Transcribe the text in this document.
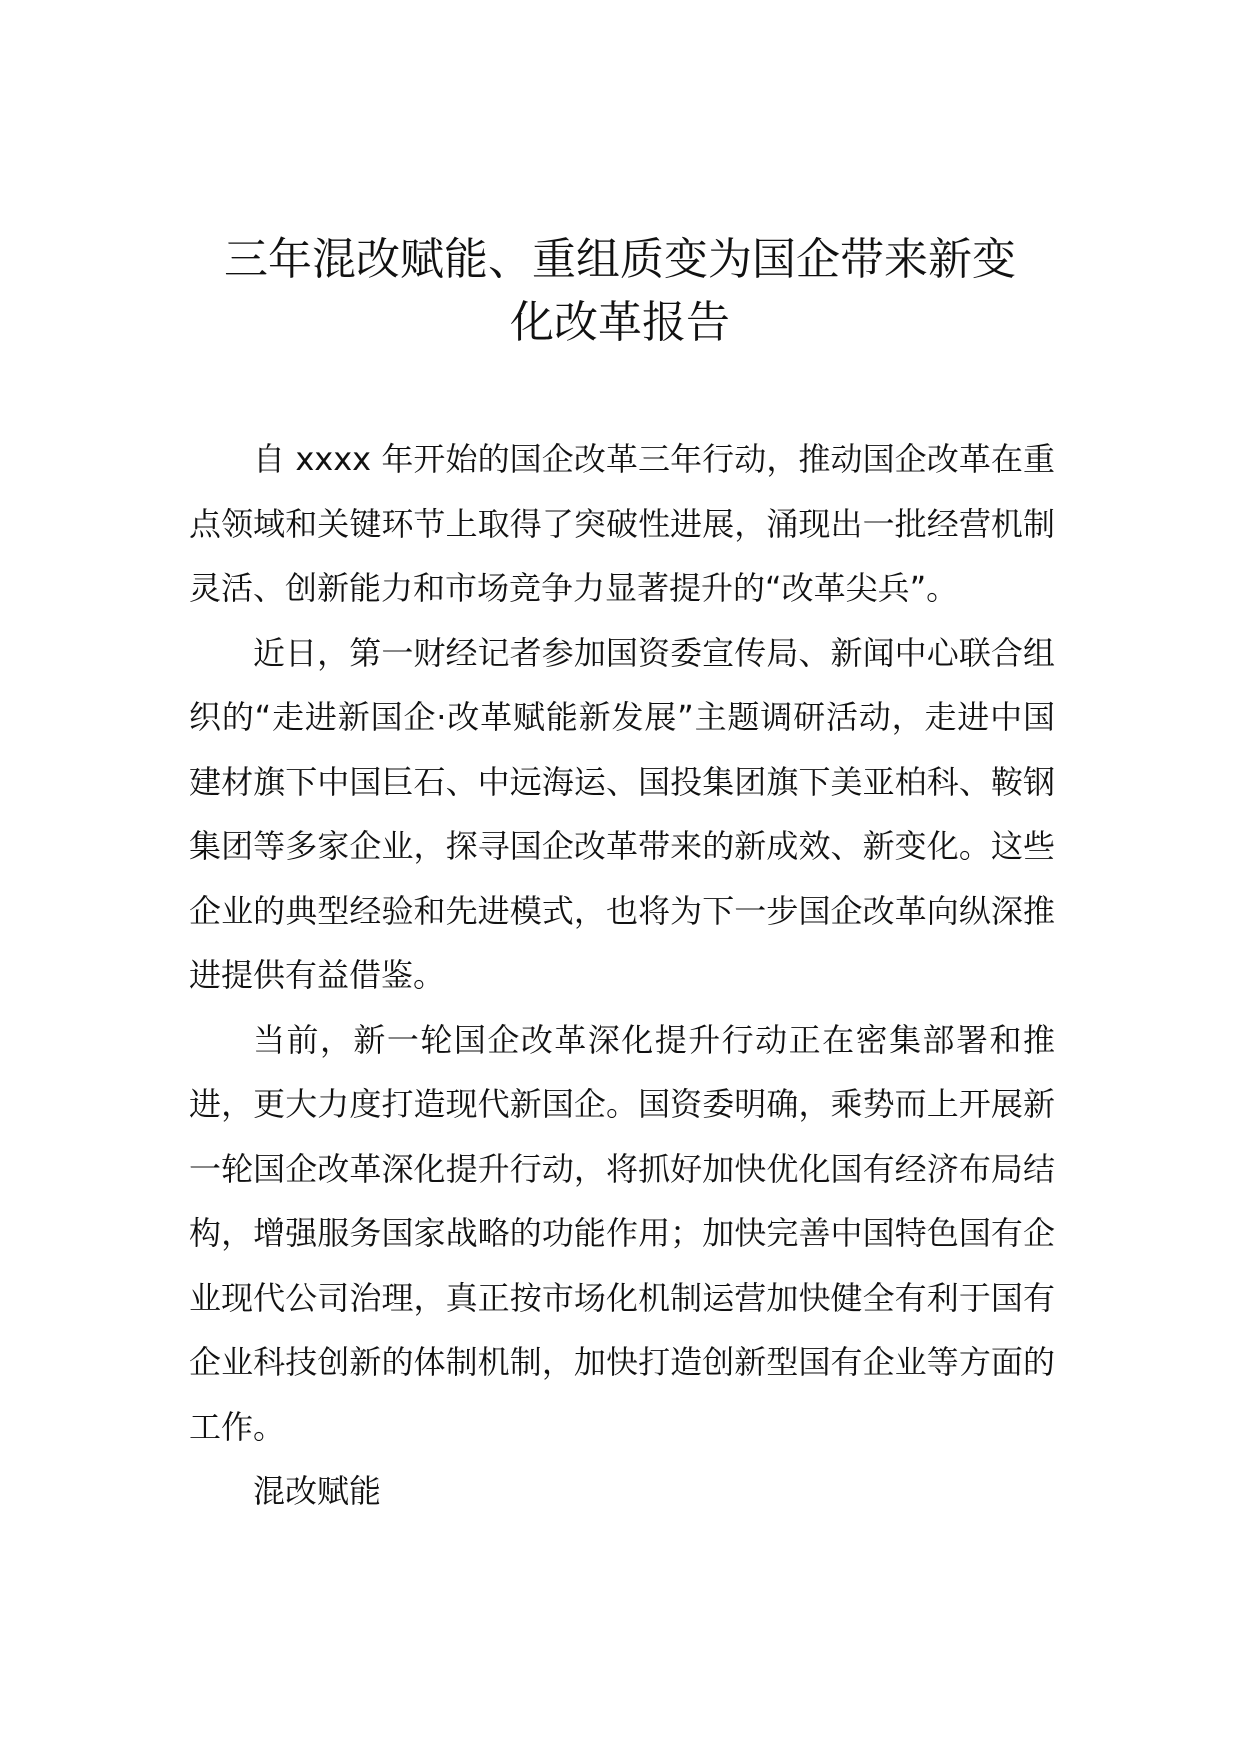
三年混改赋能、重组质变为国企带来新变
化改革报告

自 xxxx 年开始的国企改革三年行动，推动国企改革在重点领域和关键环节上取得了突破性进展，涌现出一批经营机制灵活、创新能力和市场竞争力显著提升的“改革尖兵”。

近日，第一财经记者参加国资委宣传局、新闻中心联合组织的“走进新国企·改革赋能新发展”主题调研活动，走进中国建材旗下中国巨石、中远海运、国投集团旗下美亚柏科、鞍钢集团等多家企业，探寻国企改革带来的新成效、新变化。这些企业的典型经验和先进模式，也将为下一步国企改革向纵深推进提供有益借鉴。

当前，新一轮国企改革深化提升行动正在密集部署和推进，更大力度打造现代新国企。国资委明确，乘势而上开展新一轮国企改革深化提升行动，将抓好加快优化国有经济布局结构，增强服务国家战略的功能作用；加快完善中国特色国有企业现代公司治理，真正按市场化机制运营加快健全有利于国有企业科技创新的体制机制，加快打造创新型国有企业等方面的工作。

混改赋能
